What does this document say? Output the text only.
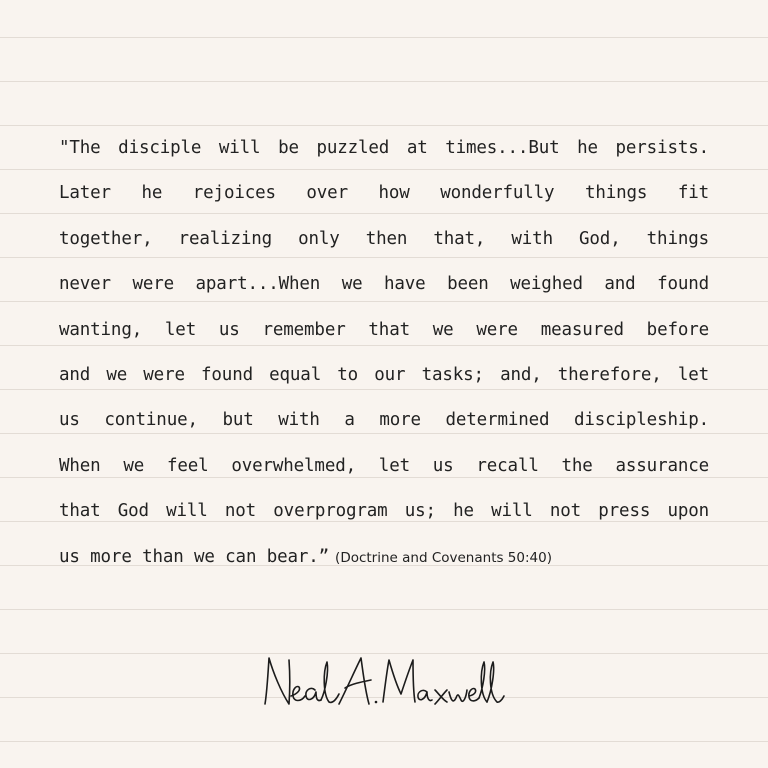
"The disciple will be puzzled at times...But he persists.
Later he rejoices over how wonderfully things fit
together, realizing only then that, with God, things
never were apart...When we have been weighed and found
wanting, let us remember that we were measured before
and we were found equal to our tasks; and, therefore, let
us continue, but with a more determined discipleship.
When we feel overwhelmed, let us recall the assurance
that God will not overprogram us; he will not press upon
us more than we can bear.” (Doctrine and Covenants 50:40)
